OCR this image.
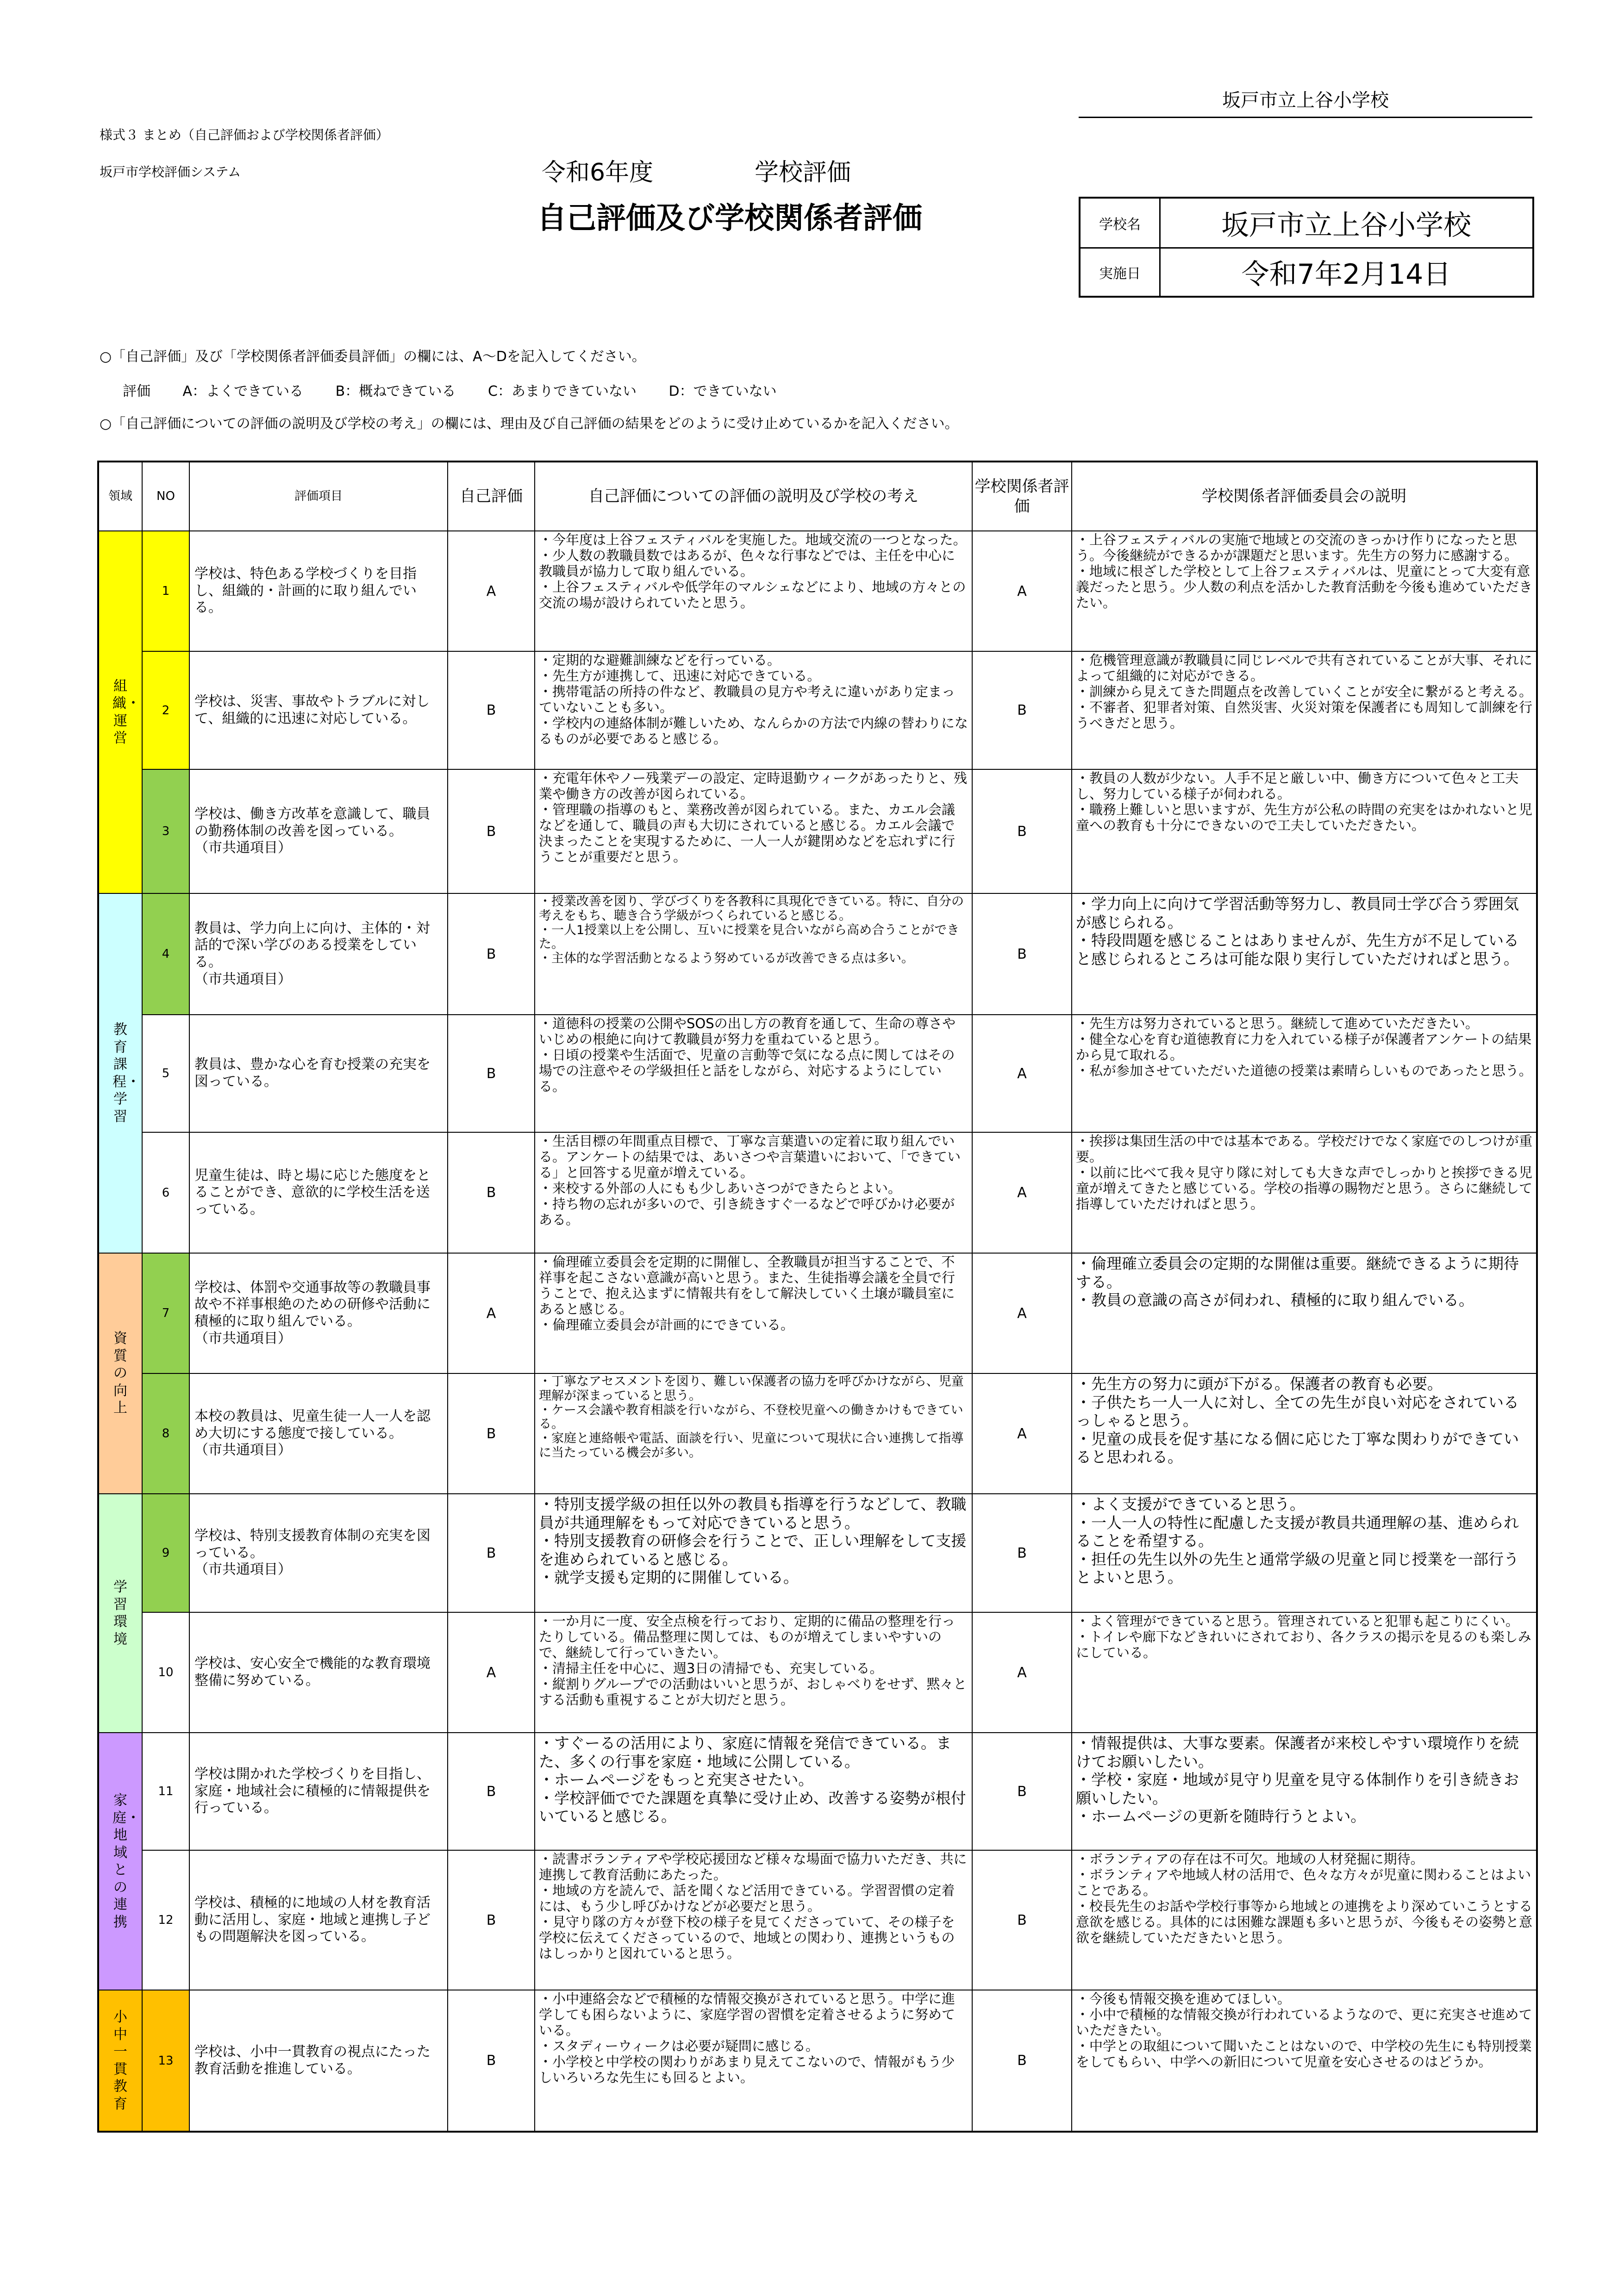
坂戸市立上谷小学校
様式３ まとめ（自己評価および学校関係者評価）
坂戸市学校評価システム	令和6年度	学校評価
自己評価及び学校関係者評価	学校名	坂戸市立上谷小学校
実施日	令和7年2月14日
○「自己評価」及び「学校関係者評価委員評価」の欄には、A～Dを記入してください。
評価 A：よくできている B：概ねできている C：あまりできていない D：できていない
○「自己評価についての評価の説明及び学校の考え」の欄には、理由及び自己評価の結果をどのように受け止めているかを記入ください。
領域	NO	評価項目	自己評価	自己評価についての評価の説明及び学校の考え	学校関係者評価	学校関係者評価委員会の説明
組織・運営	1	学校は、特色ある学校づくりを目指し、組織的・計画的に取り組んでいる。	A	・今年度は上谷フェスティバルを実施した。地域交流の一つとなった。
・少人数の教職員数ではあるが、色々な行事などでは、主任を中心に教職員が協力して取り組んでいる。
・上谷フェスティバルや低学年のマルシェなどにより、地域の方々との交流の場が設けられていたと思う。	A	・上谷フェスティバルの実施で地域との交流のきっかけ作りになったと思う。今後継続ができるかが課題だと思います。先生方の努力に感謝する。
・地域に根ざした学校として上谷フェスティバルは、児童にとって大変有意義だったと思う。少人数の利点を活かした教育活動を今後も進めていただきたい。
	2	学校は、災害、事故やトラブルに対して、組織的に迅速に対応している。	B	・定期的な避難訓練などを行っている。
・先生方が連携して、迅速に対応できている。
・携帯電話の所持の件など、教職員の見方や考えに違いがあり定まっていないことも多い。
・学校内の連絡体制が難しいため、なんらかの方法で内線の替わりになるものが必要であると感じる。	B	・危機管理意識が教職員に同じレベルで共有されていることが大事、それによって組織的に対応ができる。
・訓練から見えてきた問題点を改善していくことが安全に繋がると考える。
・不審者、犯罪者対策、自然災害、火災対策を保護者にも周知して訓練を行うべきだと思う。
	3	学校は、働き方改革を意識して、職員の勤務体制の改善を図っている。
（市共通項目）	B	・充電年休やノー残業デーの設定、定時退勤ウィークがあったりと、残業や働き方の改善が図られている。
・管理職の指導のもと、業務改善が図られている。また、カエル会議などを通して、職員の声も大切にされていると感じる。カエル会議で決まったことを実現するために、一人一人が鍵閉めなどを忘れずに行うことが重要だと思う。	B	・教員の人数が少ない。人手不足と厳しい中、働き方について色々と工夫し、努力している様子が伺われる。
・職務上難しいと思いますが、先生方が公私の時間の充実をはかれないと児童への教育も十分にできないので工夫していただきたい。
教育課程・学習	4	教員は、学力向上に向け、主体的・対話的で深い学びのある授業をしている。
（市共通項目）	B	・授業改善を図り、学びづくりを各教科に具現化できている。特に、自分の考えをもち、聴き合う学級がつくられていると感じる。
・一人1授業以上を公開し、互いに授業を見合いながら高め合うことができた。
・主体的な学習活動となるよう努めているが改善できる点は多い。	B	・学力向上に向けて学習活動等努力し、教員同士学び合う雰囲気が感じられる。
・特段問題を感じることはありませんが、先生方が不足していると感じられるところは可能な限り実行していただければと思う。
	5	教員は、豊かな心を育む授業の充実を図っている。	B	・道徳科の授業の公開やSOSの出し方の教育を通して、生命の尊さやいじめの根絶に向けて教職員が努力を重ねていると思う。
・日頃の授業や生活面で、児童の言動等で気になる点に関してはその場での注意やその学級担任と話をしながら、対応するようにしている。	A	・先生方は努力されていると思う。継続して進めていただきたい。
・健全な心を育む道徳教育に力を入れている様子が保護者アンケートの結果から見て取れる。
・私が参加させていただいた道徳の授業は素晴らしいものであったと思う。
	6	児童生徒は、時と場に応じた態度をとることができ、意欲的に学校生活を送っている。	B	・生活目標の年間重点目標で、丁寧な言葉遣いの定着に取り組んでいる。アンケートの結果では、あいさつや言葉遣いにおいて、「できている」と回答する児童が増えている。
・来校する外部の人にもも少しあいさつができたらとよい。
・持ち物の忘れが多いので、引き続きすぐ一るなどで呼びかけ必要がある。	A	・挨拶は集団生活の中では基本である。学校だけでなく家庭でのしつけが重要。
・以前に比べて我々見守り隊に対しても大きな声でしっかりと挨拶できる児童が増えてきたと感じている。学校の指導の賜物だと思う。さらに継続して指導していただければと思う。
資質の向上	7	学校は、体罰や交通事故等の教職員事故や不祥事根絶のための研修や活動に積極的に取り組んでいる。
（市共通項目）	A	・倫理確立委員会を定期的に開催し、全教職員が担当することで、不祥事を起こさない意識が高いと思う。また、生徒指導会議を全員で行うことで、抱え込まずに情報共有をして解決していく土壌が職員室にあると感じる。
・倫理確立委員会が計画的にできている。	A	・倫理確立委員会の定期的な開催は重要。継続できるように期待する。
・教員の意識の高さが伺われ、積極的に取り組んでいる。
	8	本校の教員は、児童生徒一人一人を認め大切にする態度で接している。
（市共通項目）	B	・丁寧なアセスメントを図り、難しい保護者の協力を呼びかけながら、児童理解が深まっていると思う。
・ケース会議や教育相談を行いながら、不登校児童への働きかけもできている。
・家庭と連絡帳や電話、面談を行い、児童について現状に合い連携して指導に当たっている機会が多い。	A	・先生方の努力に頭が下がる。保護者の教育も必要。
・子供たち一人一人に対し、全ての先生が良い対応をされているっしゃると思う。
・児童の成長を促す基になる個に応じた丁寧な関わりができていると思われる。
学習環境	9	学校は、特別支援教育体制の充実を図っている。
（市共通項目）	B	・特別支援学級の担任以外の教員も指導を行うなどして、教職員が共通理解をもって対応できていると思う。
・特別支援教育の研修会を行うことで、正しい理解をして支援を進められていると感じる。
・就学支援も定期的に開催している。	B	・よく支援ができていると思う。
・一人一人の特性に配慮した支援が教員共通理解の基、進められることを希望する。
・担任の先生以外の先生と通常学級の児童と同じ授業を一部行うとよいと思う。
	10	学校は、安心安全で機能的な教育環境整備に努めている。	A	・一か月に一度、安全点検を行っており、定期的に備品の整理を行ったりしている。備品整理に関しては、ものが増えてしまいやすいので、継続して行っていきたい。
・清掃主任を中心に、週3日の清掃でも、充実している。
・縦割りグループでの活動はいいと思うが、おしゃべりをせず、黙々とする活動も重視することが大切だと思う。	A	・よく管理ができていると思う。管理されていると犯罪も起こりにくい。
・トイレや廊下などきれいにされており、各クラスの掲示を見るのも楽しみにしている。
家庭・地域との連携	11	学校は開かれた学校づくりを目指し、家庭・地域社会に積極的に情報提供を行っている。	B	・すぐーるの活用により、家庭に情報を発信できている。また、多くの行事を家庭・地域に公開している。
・ホームページをもっと充実させたい。
・学校評価ででた課題を真摯に受け止め、改善する姿勢が根付いていると感じる。	B	・情報提供は、大事な要素。保護者が来校しやすい環境作りを続けてお願いしたい。
・学校・家庭・地域が見守り児童を見守る体制作りを引き続きお願いしたい。
・ホームページの更新を随時行うとよい。
	12	学校は、積極的に地域の人材を教育活動に活用し、家庭・地域と連携し子どもの問題解決を図っている。	B	・読書ボランティアや学校応援団など様々な場面で協力いただき、共に連携して教育活動にあたった。
・地域の方を読んで、話を聞くなど活用できている。学習習慣の定着には、もう少し呼びかけなどが必要だと思う。
・見守り隊の方々が登下校の様子を見てくださっていて、その様子を学校に伝えてくださっているので、地域との関わり、連携というものはしっかりと図れていると思う。	B	・ボランティアの存在は不可欠。地域の人材発掘に期待。
・ボランティアや地域人材の活用で、色々な方々が児童に関わることはよいことである。
・校長先生のお話や学校行事等から地域との連携をより深めていこうとする意欲を感じる。具体的には困難な課題も多いと思うが、今後もその姿勢と意欲を継続していただきたいと思う。
小中一貫教育	13	学校は、小中一貫教育の視点にたった教育活動を推進している。	B	・小中連絡会などで積極的な情報交換がされていると思う。中学に進学しても困らないように、家庭学習の習慣を定着させるように努めている。
・スタディーウィークは必要が疑問に感じる。
・小学校と中学校の関わりがあまり見えてこないので、情報がもう少しいろいろな先生にも回るとよい。	B	・今後も情報交換を進めてほしい。
・小中で積極的な情報交換が行われているようなので、更に充実させ進めていただきたい。
・中学との取組について聞いたことはないので、中学校の先生にも特別授業をしてもらい、中学への新旧について児童を安心させるのはどうか。
